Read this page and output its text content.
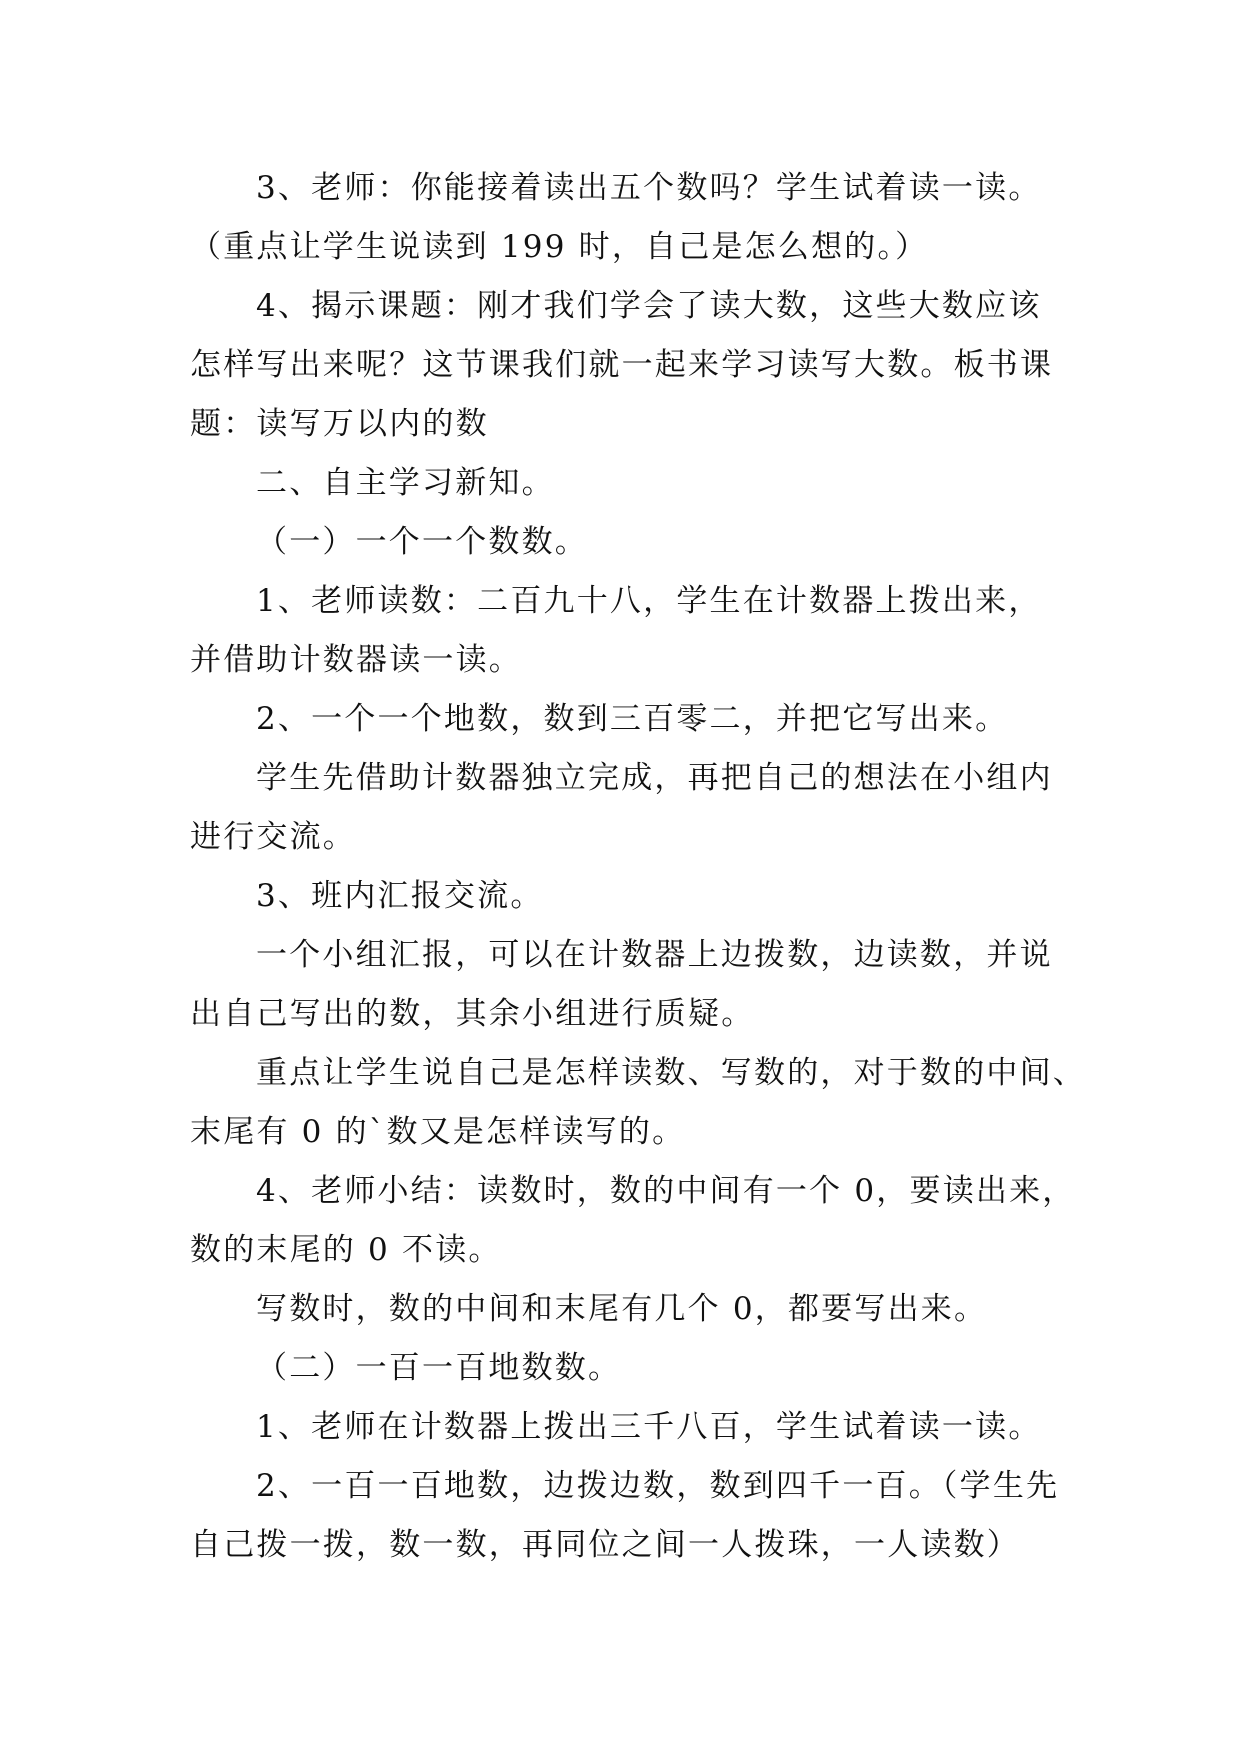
3、老师：你能接着读出五个数吗？学生试着读一读。
（重点让学生说读到 199 时，自己是怎么想的。）
4、揭示课题：刚才我们学会了读大数，这些大数应该
怎样写出来呢？这节课我们就一起来学习读写大数。板书课
题：读写万以内的数
二、自主学习新知。
（一）一个一个数数。
1、老师读数：二百九十八，学生在计数器上拨出来，
并借助计数器读一读。
2、一个一个地数，数到三百零二，并把它写出来。
学生先借助计数器独立完成，再把自己的想法在小组内
进行交流。
3、班内汇报交流。
一个小组汇报，可以在计数器上边拨数，边读数，并说
出自己写出的数，其余小组进行质疑。
重点让学生说自己是怎样读数、写数的，对于数的中间、
末尾有 0 的`数又是怎样读写的。
4、老师小结：读数时，数的中间有一个 0，要读出来，
数的末尾的 0 不读。
写数时，数的中间和末尾有几个 0，都要写出来。
（二）一百一百地数数。
1、老师在计数器上拨出三千八百，学生试着读一读。
2、一百一百地数，边拨边数，数到四千一百。（学生先
自己拨一拨，数一数，再同位之间一人拨珠，一人读数）
